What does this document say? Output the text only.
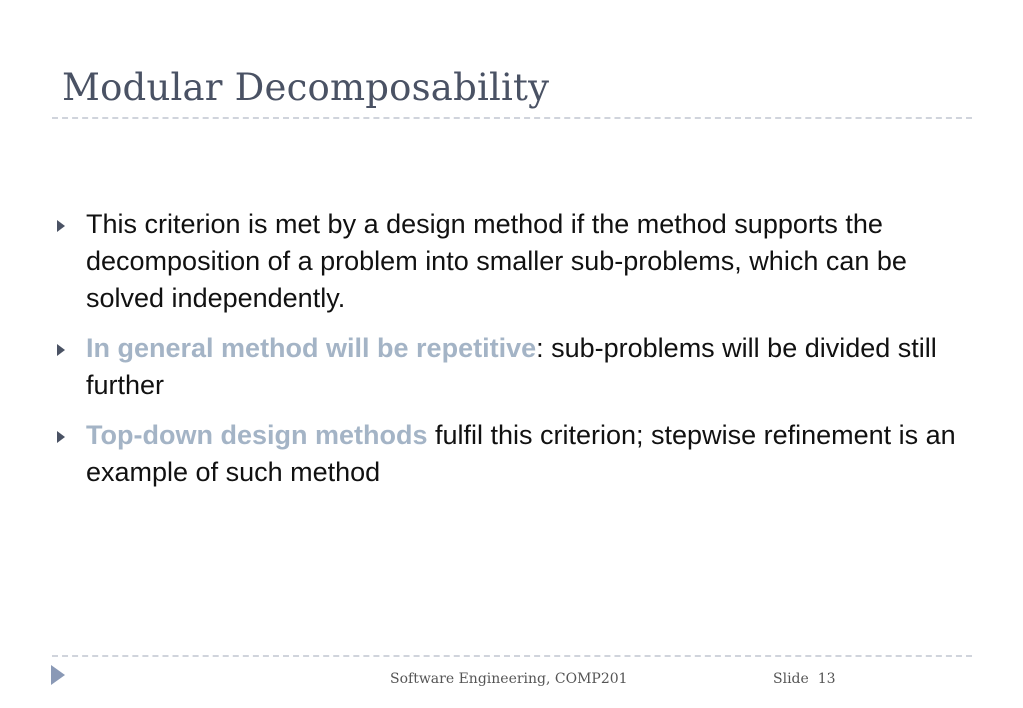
Modular Decomposability
This criterion is met by a design method if the method supports the decomposition of a problem into smaller sub-problems, which can be solved independently.
In general method will be repetitive: sub-problems will be divided still further
Top-down design methods fulfil this criterion; stepwise refinement is an example of such method
Software Engineering, COMP201	Slide 13
